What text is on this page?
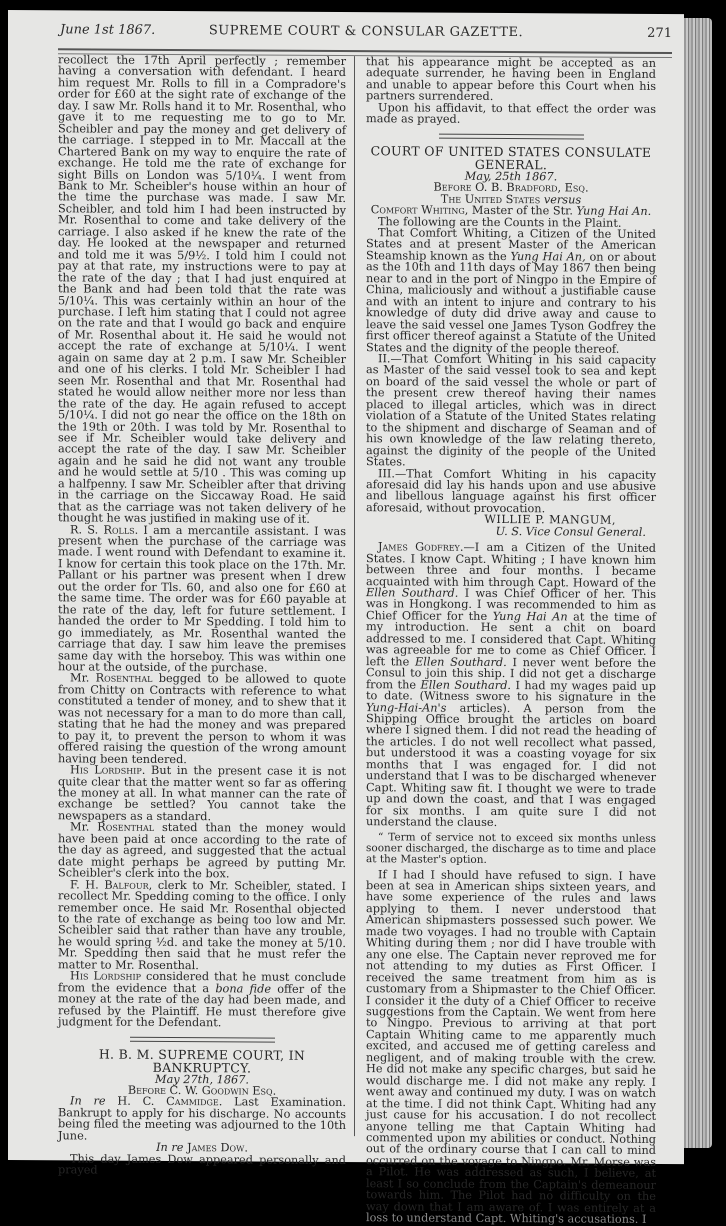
June 1st 1867.	SUPREME COURT & CONSULAR GAZETTE.	271

recollect the 17th April perfectly ; remember having a conversation with defendant. I heard him request Mr. Rolls to fill in a Compradore's order for £60 at the sight rate of exchange of the day. I saw Mr. Rolls hand it to Mr. Rosenthal, who gave it to me requesting me to go to Mr. Scheibler and pay the money and get delivery of the carriage. I stepped in to Mr. Maccall at the Chartered Bank on my way to enquire the rate of exchange. He told me the rate of exchange for sight Bills on London was 5/10¼. I went from Bank to Mr. Scheibler's house within an hour of the time the purchase was made. I saw Mr. Scheibler, and told him I had been instructed by Mr. Rosenthal to come and take delivery of the carriage. I also asked if he knew the rate of the day. He looked at the newspaper and returned and told me it was 5/9½. I told him I could not pay at that rate, my instructions were to pay at the rate of the day ; that I had just enquired at the Bank and had been told that the rate was 5/10¼. This was certainly within an hour of the purchase. I left him stating that I could not agree on the rate and that I would go back and enquire of Mr. Rosenthal about it. He said he would not accept the rate of exchange at 5/10¼. I went again on same day at 2 p.m. I saw Mr. Scheibler and one of his clerks. I told Mr. Scheibler I had seen Mr. Rosenthal and that Mr. Rosenthal had stated he would allow neither more nor less than the rate of the day. He again refused to accept 5/10¼. I did not go near the office on the 18th on the 19th or 20th. I was told by Mr. Rosenthal to see if Mr. Scheibler would take delivery and accept the rate of the day. I saw Mr. Scheibler again and he said he did not want any trouble and he would settle at 5/10 . This was coming up a halfpenny. I saw Mr. Scheibler after that driving in the carriage on the Siccaway Road. He said that as the carriage was not taken delivery of he thought he was justified in making use of it.

R. S. Rolls. I am a mercantile assistant. I was present when the purchase of the carriage was made. I went round with Defendant to examine it. I know for certain this took place on the 17th. Mr. Pallant or his partner was present when I drew out the order for Tls. 60, and also one for £60 at the same time. The order was for £60 payable at the rate of the day, left for future settlement. I handed the order to Mr Spedding. I told him to go immediately, as Mr. Rosenthal wanted the carriage that day. I saw him leave the premises same day with the horseboy. This was within one hour at the outside, of the purchase.

Mr. Rosenthal begged to be allowed to quote from Chitty on Contracts with reference to what constituted a tender of money, and to shew that it was not necessary for a man to do more than call, stating that he had the money and was prepared to pay it, to prevent the person to whom it was offered raising the question of the wrong amount having been tendered.

His Lordship. But in the present case it is not quite clear that the matter went so far as offering the money at all. In what manner can the rate of exchange be settled? You cannot take the newspapers as a standard.

Mr. Rosenthal stated than the money would have been paid at once according to the rate of the day as agreed, and suggested that the actual date might perhaps be agreed by putting Mr. Scheibler's clerk into the box.

F. H. Balfour, clerk to Mr. Scheibler, stated. I recollect Mr. Spedding coming to the office. I only remember once. He said Mr. Rosenthal objected to the rate of exchange as being too low and Mr. Scheibler said that rather than have any trouble, he would spring ½d. and take the money at 5/10. Mr. Spedding then said that he must refer the matter to Mr. Rosenthal.

His Lordship considered that he must conclude from the evidence that a bona fide offer of the money at the rate of the day had been made, and refused by the Plaintiff. He must therefore give judgment for the Defendant.

H. B. M. SUPREME COURT, IN BANKRUPTCY.

May 27th, 1867.

Before C. W. Goodwin Esq.

In re H. C. Cammidge. Last Examination. Bankrupt to apply for his discharge. No accounts being filed the meeting was adjourned to the 10th June.

In re James Dow.

This day James Dow appeared personally and prayed

that his appearance might be accepted as an adequate surrender, he having been in England and unable to appear before this Court when his partners surrendered.

Upon his affidavit, to that effect the order was made as prayed.

COURT OF UNITED STATES CONSULATE GENERAL.

May, 25th 1867.

Before O. B. Bradford, Esq.

The United States versus

Comfort Whiting, Master of the Str. Yung Hai An.

The following are the Counts in the Plaint.

That Comfort Whiting, a Citizen of the United States and at present Master of the American Steamship known as the Yung Hai An, on or about as the 10th and 11th days of May 1867 then being near to and in the port of Ningpo in the Empire of China, maliciously and without a justifiable cause and with an intent to injure and contrary to his knowledge of duty did drive away and cause to leave the said vessel one James Tyson Godfrey the first officer thereof against a Statute of the United States and the dignity of the people thereof.

II.—That Comfort Whiting in his said capacity as Master of the said vessel took to sea and kept on board of the said vessel the whole or part of the present crew thereof having their names placed to illegal articles, which was in direct violation of a Statute of the United States relating to the shipment and discharge of Seaman and of his own knowledge of the law relating thereto, against the diginity of the people of the United States.

III.—That Comfort Whiting in his capacity aforesaid did lay his hands upon and use abusive and libellous language against his first officer aforesaid, without provocation.

WILLIE P. MANGUM,

U. S. Vice Consul General.

James Godfrey.—I am a Citizen of the United States. I know Capt. Whiting ; I have known him between three and four months. I became acquainted with him through Capt. Howard of the Ellen Southard. I was Chief Officer of her. This was in Hongkong. I was recommended to him as Chief Officer for the Yung Hai An at the time of my introduction. He sent a chit on board addressed to me. I considered that Capt. Whiting was agreeable for me to come as Chief Officer. I left the Ellen Southard. I never went before the Consul to join this ship. I did not get a discharge from the Ellen Southard. I had my wages paid up to date. (Witness swore to his signature in the Yung-Hai-An's articles). A person from the Shipping Office brought the articles on board where I signed them. I did not read the heading of the articles. I do not well recollect what passed, but understood it was a coasting voyage for six months that I was engaged for. I did not understand that I was to be discharged whenever Capt. Whiting saw fit. I thought we were to trade up and down the coast, and that I was engaged for six months. I am quite sure I did not understand the clause.

“ Term of service not to exceed six months unless sooner discharged, the discharge as to time and place at the Master's option.

If I had I should have refused to sign. I have been at sea in American ships sixteen years, and have some experience of the rules and laws applying to them. I never understood that American shipmasters possessed such power. We made two voyages. I had no trouble with Captain Whiting during them ; nor did I have trouble with any one else. The Captain never reproved me for not attending to my duties as First Officer. I received the same treatment from him as is customary from a Shipmaster to the Chief Officer. I consider it the duty of a Chief Officer to receive suggestions from the Captain. We went from here to Ningpo. Previous to arriving at that port Captain Whiting came to me apparently much excited, and accused me of getting careless and negligent, and of making trouble with the crew. He did not make any specific charges, but said he would discharge me. I did not make any reply. I went away and continued my duty. I was on watch at the time. I did not think Capt. Whiting had any just cause for his accusation. I do not recollect anyone telling me that Captain Whiting had commented upon my abilities or conduct. Nothing out of the ordinary course that I can call to mind occurred on the voyage to Ningpo. Mr. Morse was a Pilot. He was addressed as such, I believe, at least I so conclude from the Captain's demeanour towards him. The Pilot had no difficulty on the way down that I am aware of. I was entirely at a loss to understand Capt. Whiting's accusations. I
